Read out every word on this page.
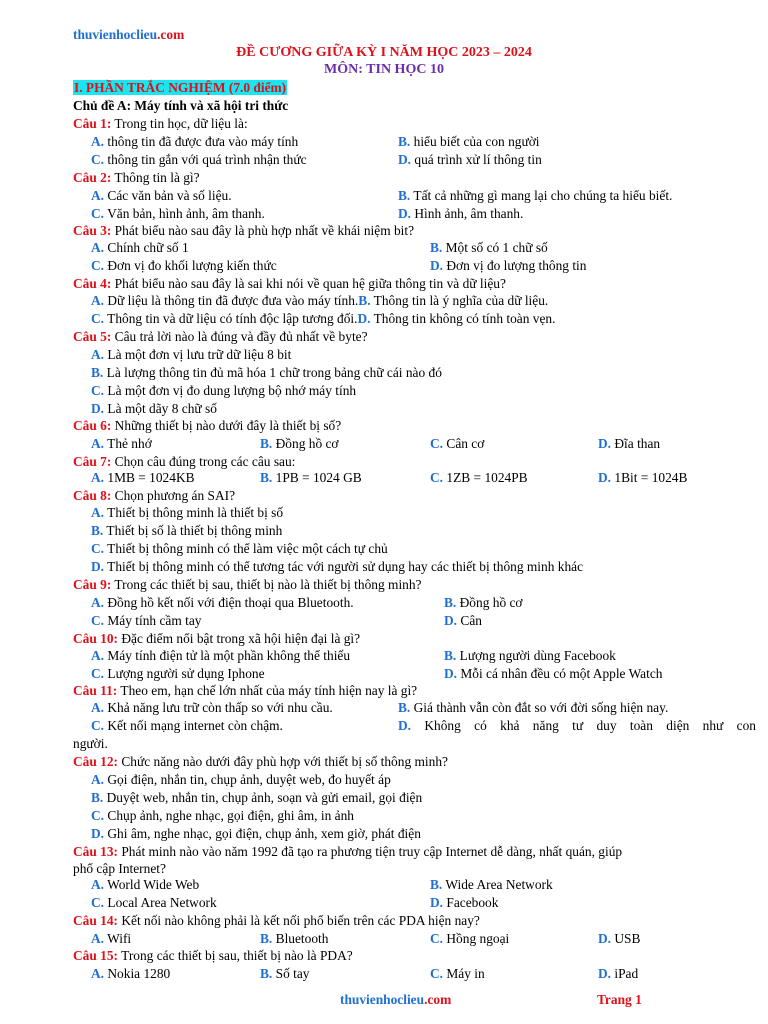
thuvienhoclieu.com
ĐỀ CƯƠNG GIỮA KỲ I NĂM HỌC 2023 – 2024
MÔN: TIN HỌC 10
I. PHẦN TRẮC NGHIỆM (7.0 điểm)
Chủ đề A: Máy tính và xã hội tri thức
Câu 1: Trong tin học, dữ liệu là:
A. thông tin đã được đưa vào máy tính	B. hiểu biết của con người
C. thông tin gắn với quá trình nhận thức	D. quá trình xử lí thông tin
Câu 2: Thông tin là gì?
A. Các văn bản và số liệu.	B. Tất cả những gì mang lại cho chúng ta hiểu biết.
C. Văn bản, hình ảnh, âm thanh.	D. Hình ảnh, âm thanh.
Câu 3: Phát biểu nào sau đây là phù hợp nhất về khái niệm bit?
A. Chính chữ số 1	B. Một số có 1 chữ số
C. Đơn vị đo khối lượng kiến thức	D. Đơn vị đo lượng thông tin
Câu 4: Phát biểu nào sau đây là sai khi nói về quan hệ giữa thông tin và dữ liệu?
A. Dữ liệu là thông tin đã được đưa vào máy tính.B. Thông tin là ý nghĩa của dữ liệu.
C. Thông tin và dữ liệu có tính độc lập tương đối.D. Thông tin không có tính toàn vẹn.
Câu 5: Câu trả lời nào là đúng và đầy đủ nhất về byte?
A. Là một đơn vị lưu trữ dữ liệu 8 bit
B. Là lượng thông tin đủ mã hóa 1 chữ trong bảng chữ cái nào đó
C. Là một đơn vị đo dung lượng bộ nhớ máy tính
D. Là một dãy 8 chữ số
Câu 6: Những thiết bị nào dưới đây là thiết bị số?
A. Thẻ nhớ	B. Đồng hồ cơ	C. Cân cơ	D. Đĩa than
Câu 7: Chọn câu đúng trong các câu sau:
A. 1MB = 1024KB	B. 1PB = 1024 GB	C. 1ZB = 1024PB	D. 1Bit = 1024B
Câu 8: Chọn phương án SAI?
A. Thiết bị thông minh là thiết bị số
B. Thiết bị số là thiết bị thông minh
C. Thiết bị thông minh có thể làm việc một cách tự chủ
D. Thiết bị thông minh có thể tương tác với người sử dụng hay các thiết bị thông minh khác
Câu 9: Trong các thiết bị sau, thiết bị nào là thiết bị thông minh?
A. Đồng hồ kết nối với điện thoại qua Bluetooth.	B. Đồng hồ cơ
C. Máy tính cầm tay	D. Cân
Câu 10: Đặc điểm nổi bật trong xã hội hiện đại là gì?
A. Máy tính điện tử là một phần không thể thiếu	B. Lượng người dùng Facebook
C. Lượng người sử dụng Iphone	D. Mỗi cá nhân đều có một Apple Watch
Câu 11: Theo em, hạn chế lớn nhất của máy tính hiện nay là gì?
A. Khả năng lưu trữ còn thấp so với nhu cầu.	B. Giá thành vẫn còn đắt so với đời sống hiện nay.
C. Kết nối mạng internet còn chậm.	D. Không có khả năng tư duy toàn diện như con
người.
Câu 12: Chức năng nào dưới đây phù hợp với thiết bị số thông minh?
A. Gọi điện, nhắn tin, chụp ảnh, duyệt web, đo huyết áp
B. Duyệt web, nhắn tin, chụp ảnh, soạn và gửi email, gọi điện
C. Chụp ảnh, nghe nhạc, gọi điện, ghi âm, in ảnh
D. Ghi âm, nghe nhạc, gọi điện, chụp ảnh, xem giờ, phát điện
Câu 13: Phát minh nào vào năm 1992 đã tạo ra phương tiện truy cập Internet dễ dàng, nhất quán, giúp
phổ cập Internet?
A. World Wide Web	B. Wide Area Network
C. Local Area Network	D. Facebook
Câu 14: Kết nối nào không phải là kết nối phổ biến trên các PDA hiện nay?
A. Wifi	B. Bluetooth	C. Hồng ngoại	D. USB
Câu 15: Trong các thiết bị sau, thiết bị nào là PDA?
A. Nokia 1280	B. Số tay	C. Máy in	D. iPad
thuvienhoclieu.com	Trang 1
